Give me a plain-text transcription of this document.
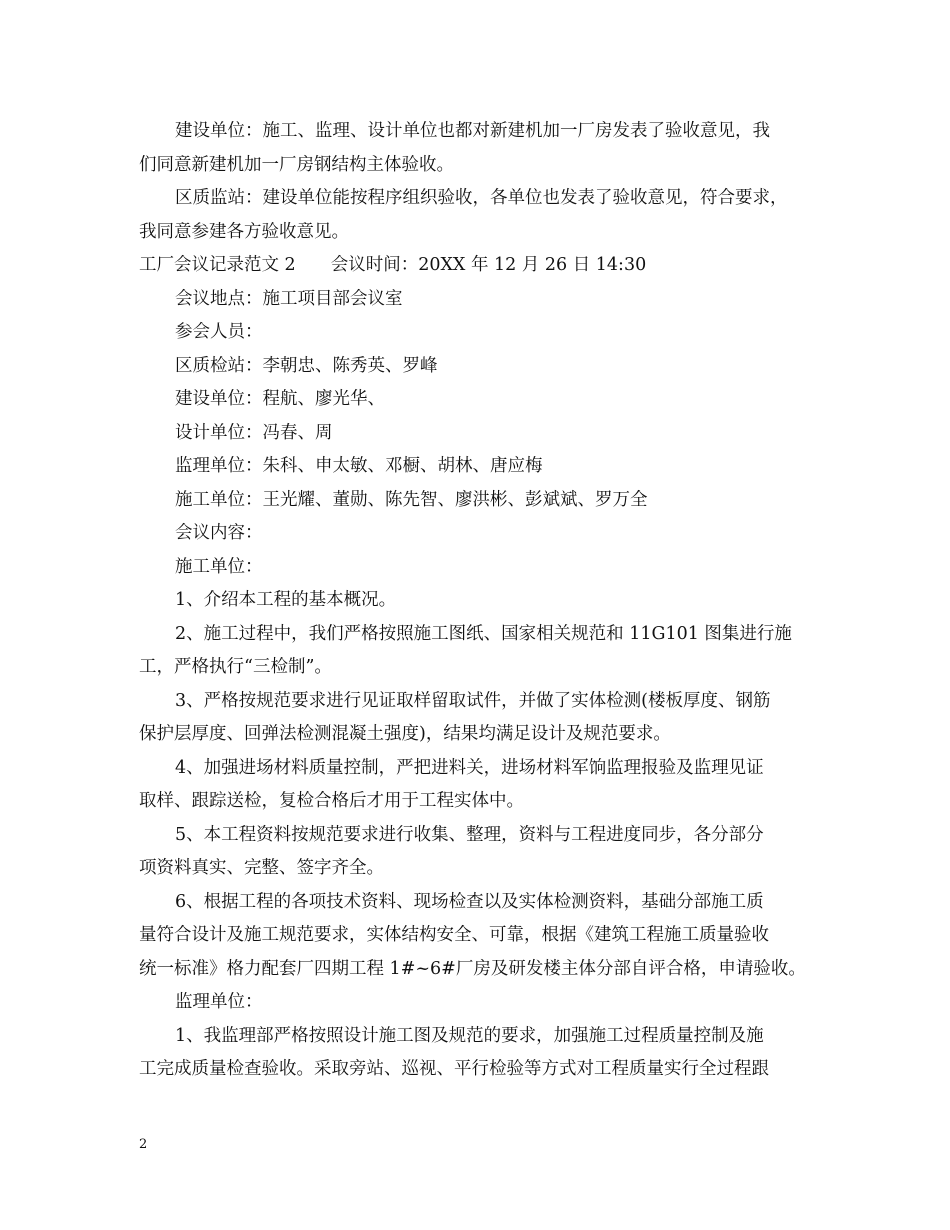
建设单位：施工、监理、设计单位也都对新建机加一厂房发表了验收意见，我

们同意新建机加一厂房钢结构主体验收。

区质监站：建设单位能按程序组织验收，各单位也发表了验收意见，符合要求，

我同意参建各方验收意见。

工厂会议记录范文 2　　会议时间：20XX 年 12 月 26 日 14:30

会议地点：施工项目部会议室

参会人员：

区质检站：李朝忠、陈秀英、罗峰

建设单位：程航、廖光华、

设计单位：冯春、周

监理单位：朱科、申太敏、邓橱、胡林、唐应梅

施工单位：王光耀、董勋、陈先智、廖洪彬、彭斌斌、罗万全

会议内容：

施工单位：

1、介绍本工程的基本概况。

2、施工过程中，我们严格按照施工图纸、国家相关规范和 11G101 图集进行施

工，严格执行“三检制”。

3、严格按规范要求进行见证取样留取试件，并做了实体检测(楼板厚度、钢筋

保护层厚度、回弹法检测混凝土强度)，结果均满足设计及规范要求。

4、加强进场材料质量控制，严把进料关，进场材料军饷监理报验及监理见证

取样、跟踪送检，复检合格后才用于工程实体中。

5、本工程资料按规范要求进行收集、整理，资料与工程进度同步，各分部分

项资料真实、完整、签字齐全。

6、根据工程的各项技术资料、现场检查以及实体检测资料，基础分部施工质

量符合设计及施工规范要求，实体结构安全、可靠，根据《建筑工程施工质量验收

统一标准》格力配套厂四期工程 1#~6#厂房及研发楼主体分部自评合格，申请验收。

监理单位：

1、我监理部严格按照设计施工图及规范的要求，加强施工过程质量控制及施

工完成质量检查验收。采取旁站、巡视、平行检验等方式对工程质量实行全过程跟

2
